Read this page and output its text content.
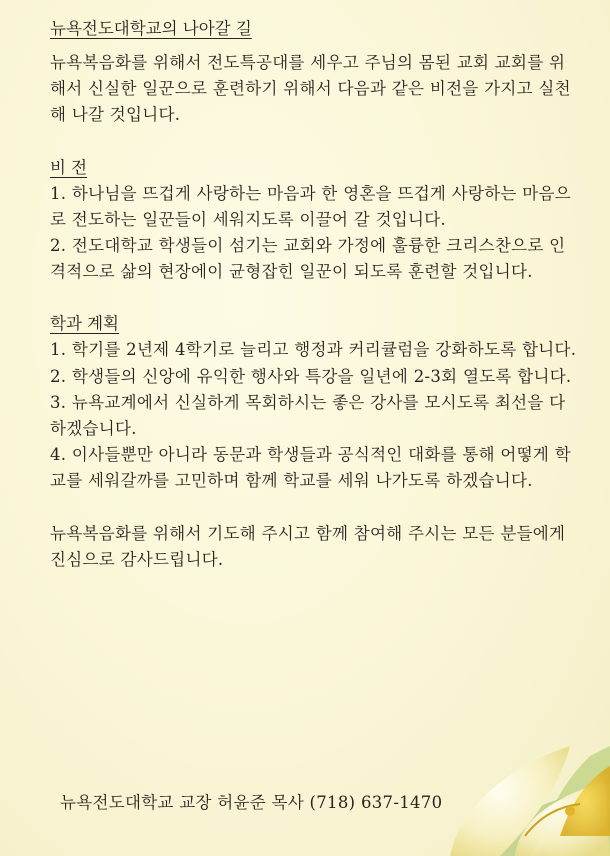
뉴욕전도대학교의 나아갈 길

뉴욕복음화를 위해서 전도특공대를 세우고 주님의 몸된 교회 교회를 위해서 신실한 일꾼으로 훈련하기 위해서 다음과 같은 비전을 가지고 실천해 나갈 것입니다.

비 전
1. 하나님을 뜨겁게 사랑하는 마음과 한 영혼을 뜨겁게 사랑하는 마음으로 전도하는 일꾼들이 세워지도록 이끌어 갈 것입니다.
2. 전도대학교 학생들이 섬기는 교회와 가정에 훌륭한 크리스찬으로 인격적으로 삶의 현장에이 균형잡힌 일꾼이 되도록 훈련할 것입니다.
학과 계획
1. 학기를 2년제 4학기로 늘리고 행정과 커리큘럼을 강화하도록 합니다.
2. 학생들의 신앙에 유익한 행사와 특강을 일년에 2-3회 열도록 합니다.
3. 뉴욕교계에서 신실하게 목회하시는 좋은 강사를 모시도록 최선을 다하겠습니다.
4. 이사들뿐만 아니라 동문과 학생들과 공식적인 대화를 통해 어떻게 학교를 세워갈까를 고민하며 함께 학교를 세워 나가도록 하겠습니다.

뉴욕복음화를 위해서 기도해 주시고 함께 참여해 주시는 모든 분들에게 진심으로 감사드립니다.

뉴욕전도대학교 교장 허윤준 목사 (718) 637-1470
